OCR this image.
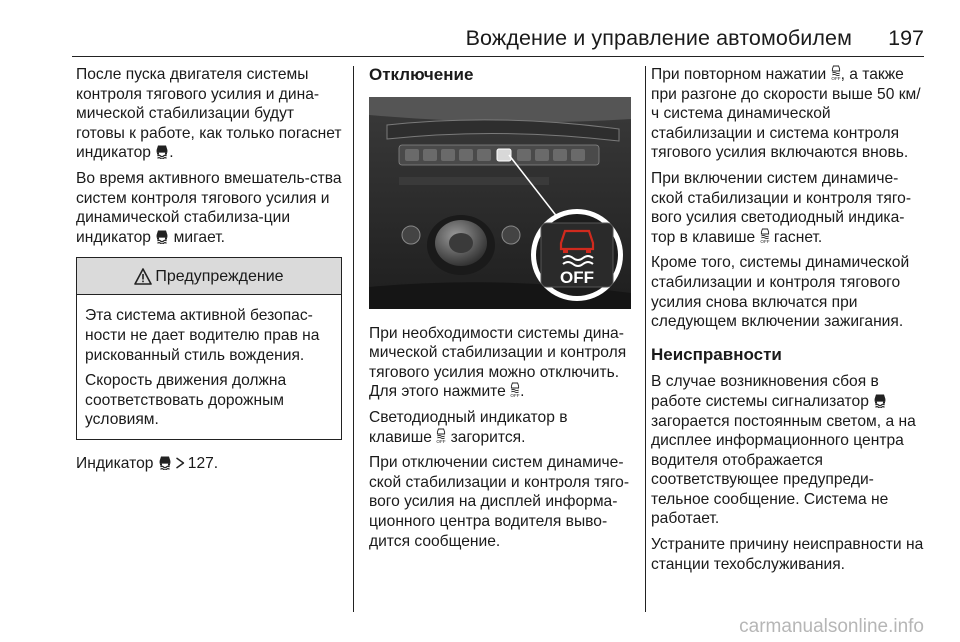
Вождение и управление автомобилем 197

После пуска двигателя системы контроля тягового усилия и дина-мической стабилизации будут готовы к работе, как только погаснет индикатор .

Во время активного вмешатель-ства систем контроля тягового усилия и динамической стабилиза-ции индикатор мигает.

Предупреждение

Эта система активной безопас-ности не дает водителю прав на рискованный стиль вождения.

Скорость движения должна соответствовать дорожным условиям.

Индикатор 127.

Отключение
OFF

При необходимости системы дина-мической стабилизации и контроля тягового усилия можно отключить. Для этого нажмите OFF .

Светодиодный индикатор в клавише OFF загорится.

При отключении систем динамиче-ской стабилизации и контроля тяго-вого усилия на дисплей информа-ционного центра водителя выво-дится сообщение.

При повторном нажатии OFF , а также при разгоне до скорости выше 50 км/ч система динамической стабилизации и система контроля тягового усилия включаются вновь.

При включении систем динамиче-ской стабилизации и контроля тяго-вого усилия светодиодный индика-тор в клавише OFF гаснет.

Кроме того, системы динамической стабилизации и контроля тягового усилия снова включатся при следующем включении зажигания.

Неисправности

В случае возникновения сбоя в работе системы сигнализатор
загорается постоянным светом, а на дисплее информационного центра водителя отображается соответствующее предупреди-тельное сообщение. Система не работает.

Устраните причину неисправности на станции техобслуживания.

carmanualsonline.info
